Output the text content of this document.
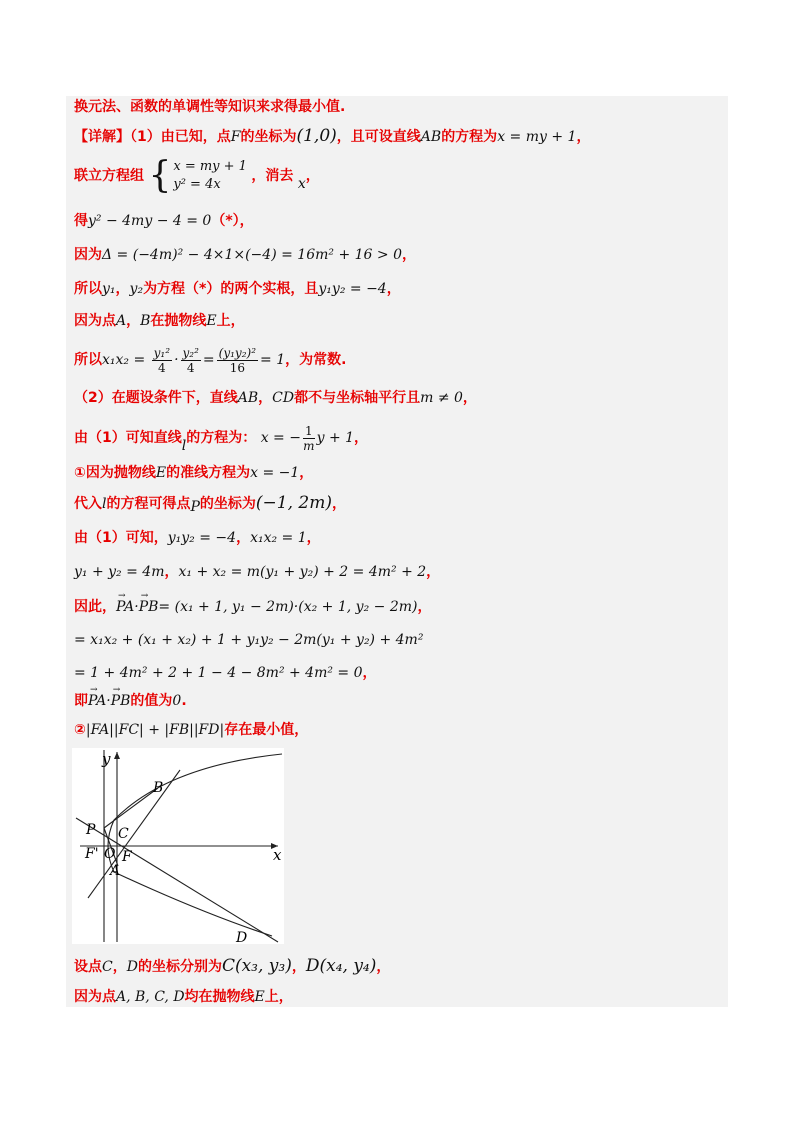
换元法、函数的单调性等知识来求得最小值.
【详解】（1）由已知，点F的坐标为(1,0)，且可设直线AB的方程为x = my + 1，
联立方程组 { x = my + 1
y² = 4x
，消去 x，
得y² − 4my − 4 = 0（*），
因为Δ = (−4m)² − 4×1×(−4) = 16m² + 16 > 0，
所以y₁，y₂为方程（*）的两个实根，且y₁y₂ = −4，
因为点A，B在抛物线E上，
所以$x_1x_2 = \frac{\text{y₁²}}{4} \cdot \frac{\text{y₂²}}{4} = \frac{\text{(y₁y₂)²}}{16} = 1$，为常数.
（2）在题设条件下，直线AB，CD都不与坐标轴平行且m ≠ 0，
由（1）可知直线l的方程为： x = − $\frac{1}{m}$ y + 1，
①因为抛物线E的准线方程为x = −1，
代入l的方程可得点P的坐标为(−1, 2m)，
由（1）可知，y₁y₂ = −4，x₁x₂ = 1，
y₁ + y₂ = 4m，x₁ + x₂ = m(y₁ + y₂) + 2 = 4m² + 2，
因此，→ PA·→ PB= (x₁ + 1, y₁ − 2m)·(x₂ + 1, y₂ − 2m)，
= x₁x₂ + (x₁ + x₂) + 1 + y₁y₂ − 2m(y₁ + y₂) + 4m²
= 1 + 4m² + 2 + 1 − 4 − 8m² + 4m² = 0，
即→ PA·→ PB的值为0.
②|FA||FC| + |FB||FD|存在最小值，
y
x
B
P C
F' O F
A
D
设点C，D的坐标分别为C(x₃, y₃)，D(x₄, y₄)，
因为点A, B, C, D均在抛物线E上，
